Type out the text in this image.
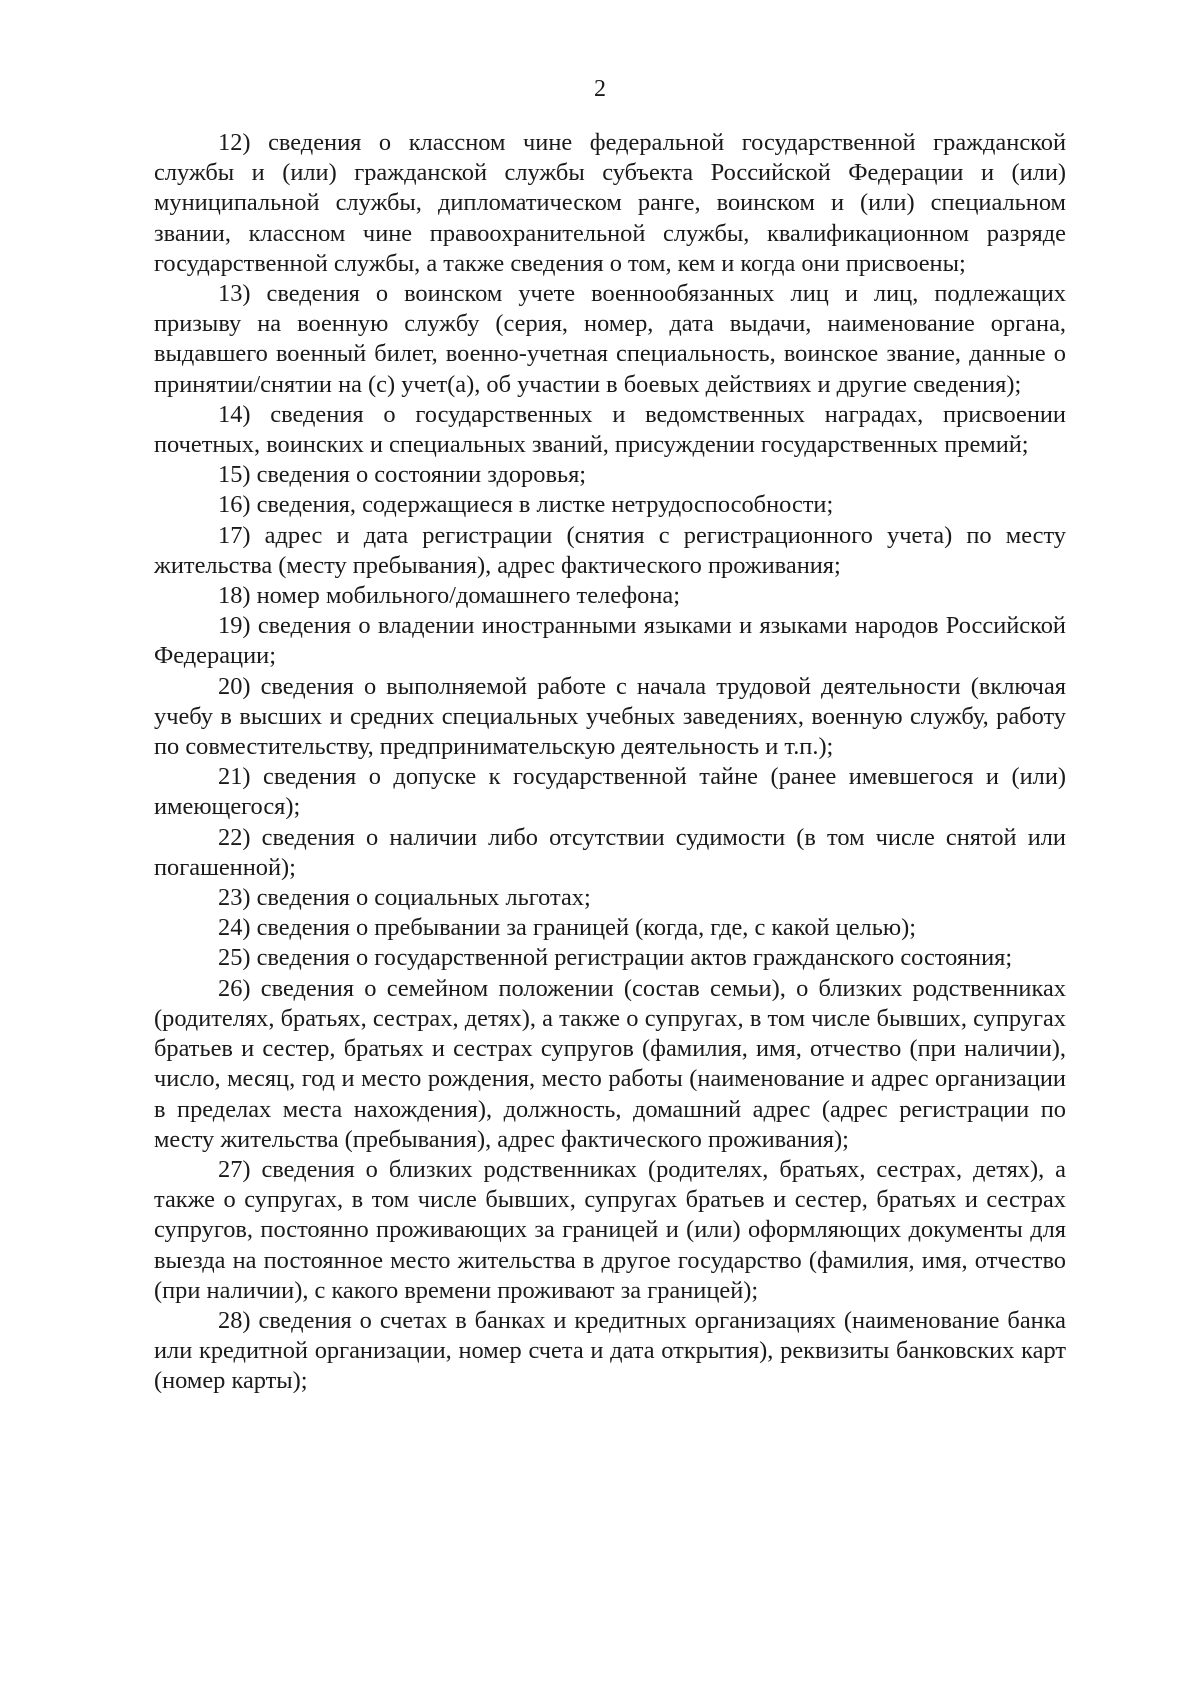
2

12) сведения о классном чине федеральной государственной гражданской службы и (или) гражданской службы субъекта Российской Федерации и (или) муниципальной службы, дипломатическом ранге, воинском и (или) специальном звании, классном чине правоохранительной службы, квалификационном разряде государственной службы, а также сведения о том, кем и когда они присвоены;

13) сведения о воинском учете военнообязанных лиц и лиц, подлежащих призыву на военную службу (серия, номер, дата выдачи, наименование органа, выдавшего военный билет, военно-учетная специальность, воинское звание, данные о принятии/снятии на (с) учет(а), об участии в боевых действиях и другие сведения);

14) сведения о государственных и ведомственных наградах, присвоении почетных, воинских и специальных званий, присуждении государственных премий;

15) сведения о состоянии здоровья;

16) сведения, содержащиеся в листке нетрудоспособности;

17) адрес и дата регистрации (снятия с регистрационного учета) по месту жительства (месту пребывания), адрес фактического проживания;

18) номер мобильного/домашнего телефона;

19) сведения о владении иностранными языками и языками народов Российской Федерации;

20) сведения о выполняемой работе с начала трудовой деятельности (включая учебу в высших и средних специальных учебных заведениях, военную службу, работу по совместительству, предпринимательскую деятельность и т.п.);

21) сведения о допуске к государственной тайне (ранее имевшегося и (или) имеющегося);

22) сведения о наличии либо отсутствии судимости (в том числе снятой или погашенной);

23) сведения о социальных льготах;

24) сведения о пребывании за границей (когда, где, с какой целью);

25) сведения о государственной регистрации актов гражданского состояния;

26) сведения о семейном положении (состав семьи), о близких родственниках (родителях, братьях, сестрах, детях), а также о супругах, в том числе бывших, супругах братьев и сестер, братьях и сестрах супругов (фамилия, имя, отчество (при наличии), число, месяц, год и место рождения, место работы (наименование и адрес организации в пределах места нахождения), должность, домашний адрес (адрес регистрации по месту жительства (пребывания), адрес фактического проживания);

27) сведения о близких родственниках (родителях, братьях, сестрах, детях), а также о супругах, в том числе бывших, супругах братьев и сестер, братьях и сестрах супругов, постоянно проживающих за границей и (или) оформляющих документы для выезда на постоянное место жительства в другое государство (фамилия, имя, отчество (при наличии), с какого времени проживают за границей);

28) сведения о счетах в банках и кредитных организациях (наименование банка или кредитной организации, номер счета и дата открытия), реквизиты банковских карт (номер карты);
